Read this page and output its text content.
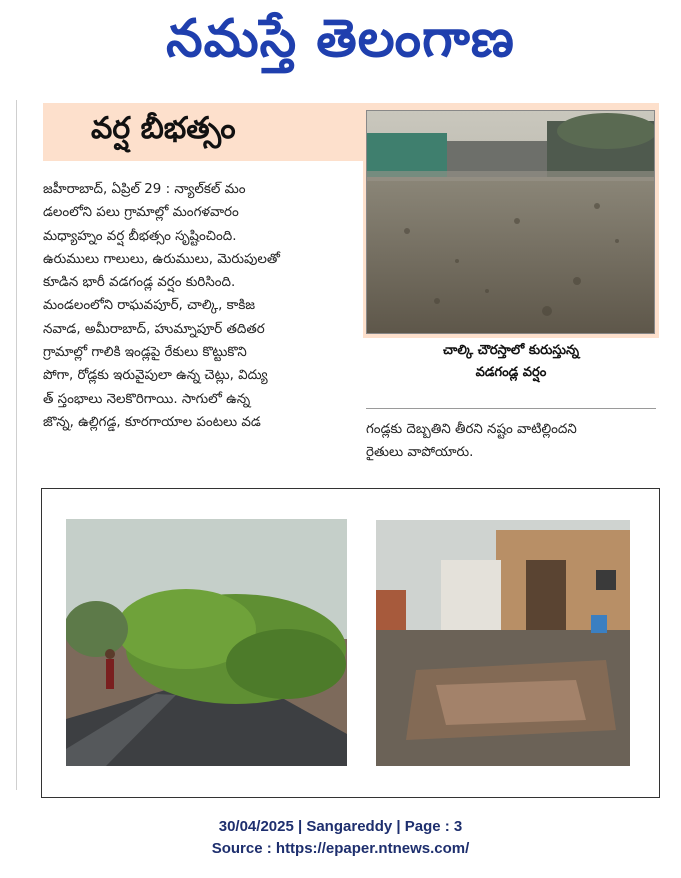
నమస్తే తెలంగాణ
వర్ష బీభత్సం
జహీరాబాద్, ఏప్రిల్ 29 : న్యాల్‌కల్ మం
డలంలోని పలు గ్రామాల్లో మంగళవారం
మధ్యాహ్నం వర్ష బీభత్సం సృష్టించింది.
ఉరుములు గాలులు, ఉరుములు, మెరుపులతో
కూడిన భారీ వడగండ్ల వర్షం కురిసింది.
మండలంలోని రాఘవపూర్, చాల్కి, కాకిజ
నవాడ, అమీరాబాద్, హుమ్నాపూర్ తదితర
గ్రామాల్లో గాలికి ఇండ్లపై రేకులు కొట్టుకొని
పోగా, రోడ్లకు ఇరువైపులా ఉన్న చెట్లు, విద్యు
త్ స్తంభాలు నెలకొరిగాయి. సాగులో ఉన్న
జొన్న, ఉల్లిగడ్డ, కూరగాయాల పంటలు వడ
చాల్కి చౌరస్తాలో కురుస్తున్న
వడగండ్ల వర్షం
గండ్లకు దెబ్బతిని తీరని నష్టం వాటిల్లిందని
రైతులు వాపోయారు.
30/04/2025 | Sangareddy | Page : 3
Source : https://epaper.ntnews.com/
